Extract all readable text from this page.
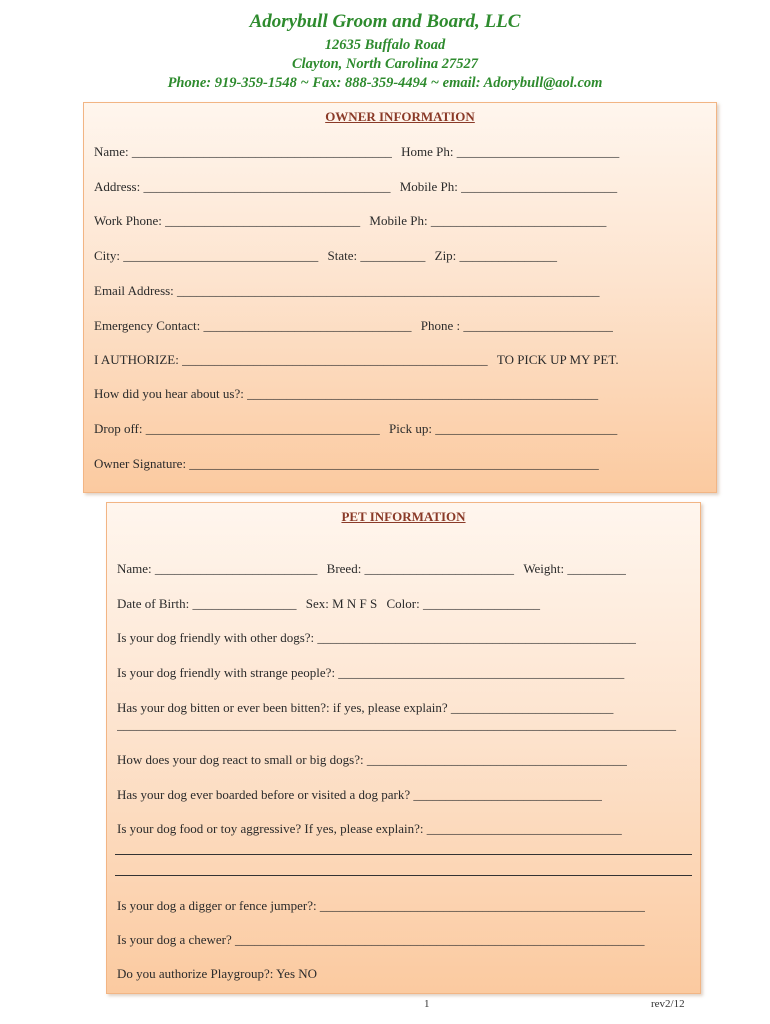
Adorybull Groom and Board, LLC
12635 Buffalo Road
Clayton, North Carolina 27527
Phone: 919-359-1548 ~ Fax: 888-359-4494 ~ email: Adorybull@aol.com
OWNER INFORMATION
Name: ________________________________________ Home Ph: _________________________
Address: ______________________________________ Mobile Ph: ________________________
Work Phone: ______________________________ Mobile Ph: ___________________________
City: ______________________________ State: __________ Zip: _______________
Email Address: _________________________________________________________________
Emergency Contact: ________________________________ Phone : _______________________
I AUTHORIZE: _______________________________________________ TO PICK UP MY PET.
How did you hear about us?: ______________________________________________________
Drop off: ____________________________________ Pick up: ____________________________
Owner Signature: _______________________________________________________________
PET INFORMATION
Name: _________________________ Breed: _______________________ Weight: _________
Date of Birth: ________________ Sex: M N F S Color: __________________
Is your dog friendly with other dogs?: _________________________________________________
Is your dog friendly with strange people?: ____________________________________________
Has your dog bitten or ever been bitten?: if yes, please explain? _________________________
______________________________________________________________________________________
How does your dog react to small or big dogs?: ________________________________________
Has your dog ever boarded before or visited a dog park? _____________________________
Is your dog food or toy aggressive? If yes, please explain?: ______________________________
Is your dog a digger or fence jumper?: __________________________________________________
Is your dog a chewer? _______________________________________________________________
Do you authorize Playgroup?: Yes NO
1	rev2/12
